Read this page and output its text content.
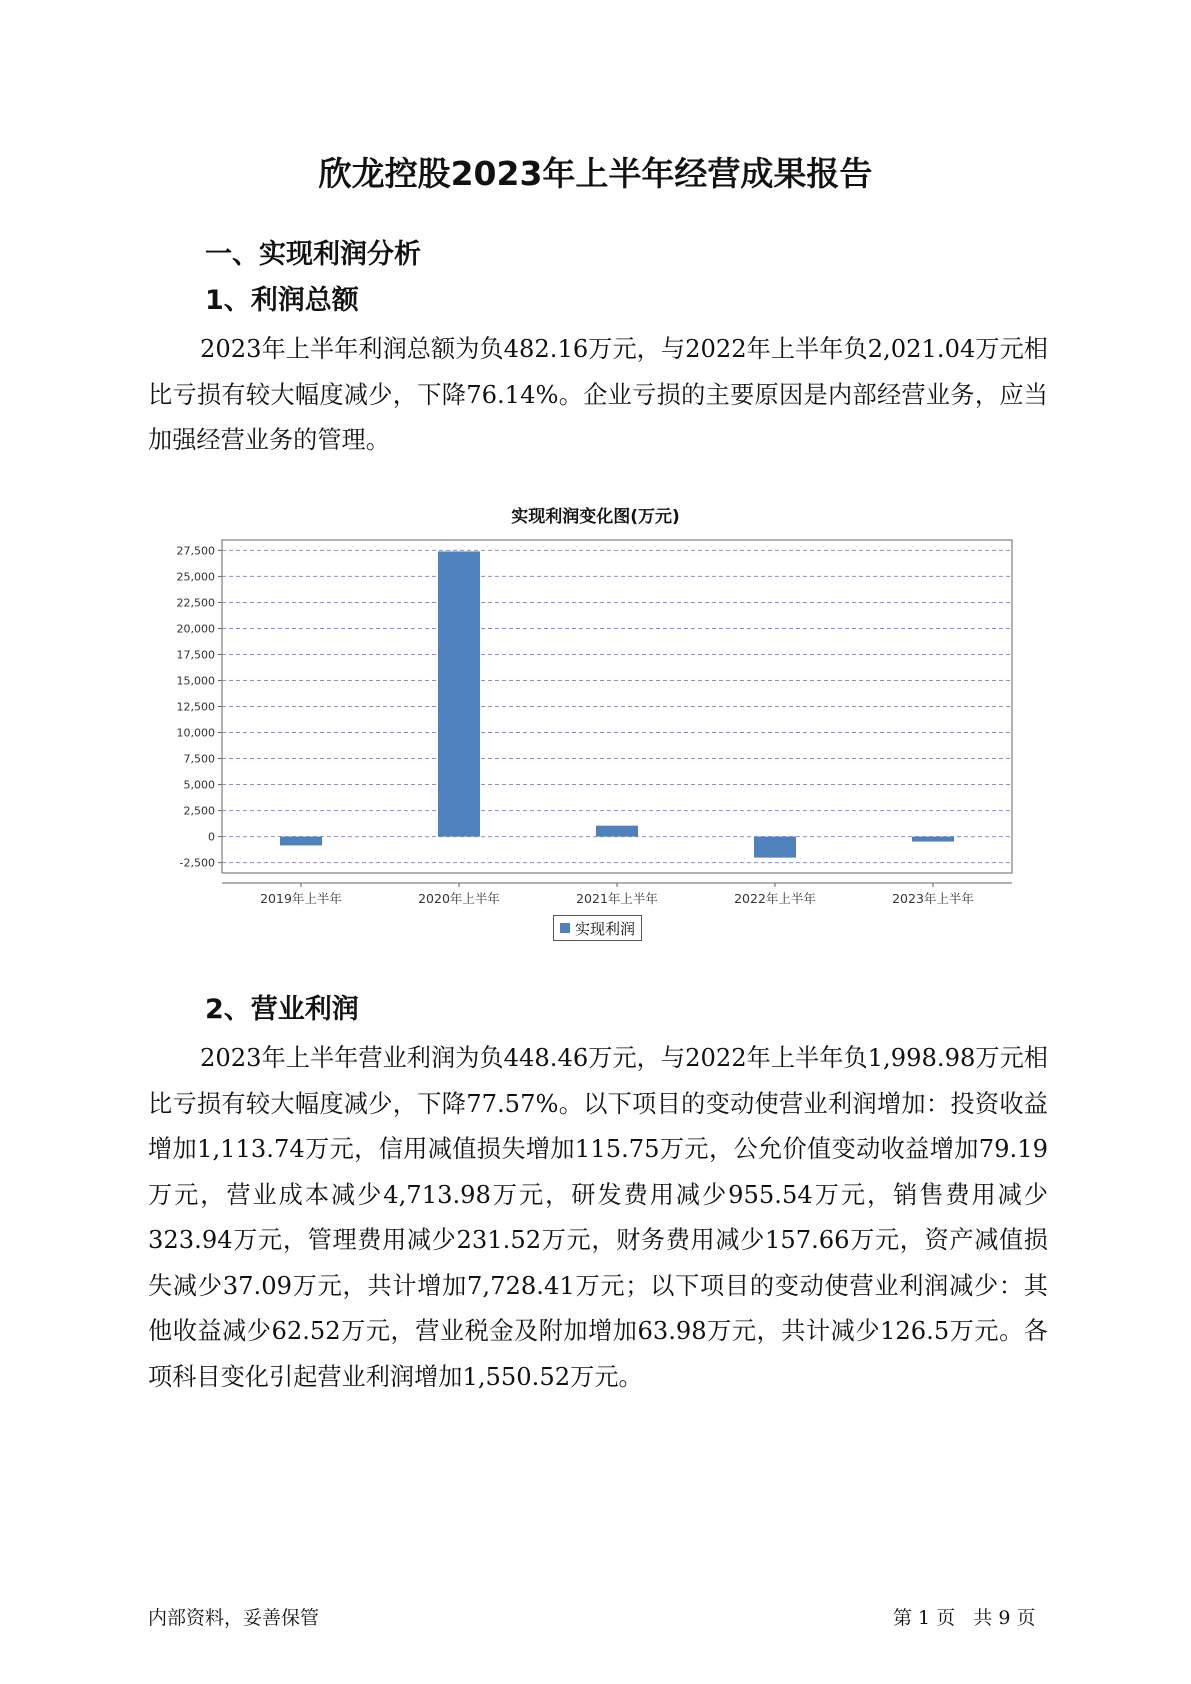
欣龙控股2023年上半年经营成果报告
一、实现利润分析
1、利润总额

2023年上半年利润总额为负482.16万元，与2022年上半年负2,021.04万元相比亏损有较大幅度减少，下降76.14%。企业亏损的主要原因是内部经营业务，应当加强经营业务的管理。

实现利润变化图(万元)
-2,500
0
2,500
5,000
7,500
10,000
12,500
15,000
17,500
20,000
22,500
25,000
27,500
2019年上半年	2020年上半年	2021年上半年	2022年上半年	2023年上半年
实现利润
2、营业利润

2023年上半年营业利润为负448.46万元，与2022年上半年负1,998.98万元相比亏损有较大幅度减少，下降77.57%。以下项目的变动使营业利润增加：投资收益增加1,113.74万元，信用减值损失增加115.75万元，公允价值变动收益增加79.19万元，营业成本减少4,713.98万元，研发费用减少955.54万元，销售费用减少323.94万元，管理费用减少231.52万元，财务费用减少157.66万元，资产减值损失减少37.09万元，共计增加7,728.41万元；以下项目的变动使营业利润减少：其他收益减少62.52万元，营业税金及附加增加63.98万元，共计减少126.5万元。各项科目变化引起营业利润增加1,550.52万元。

内部资料，妥善保管	第 1 页   共 9 页
